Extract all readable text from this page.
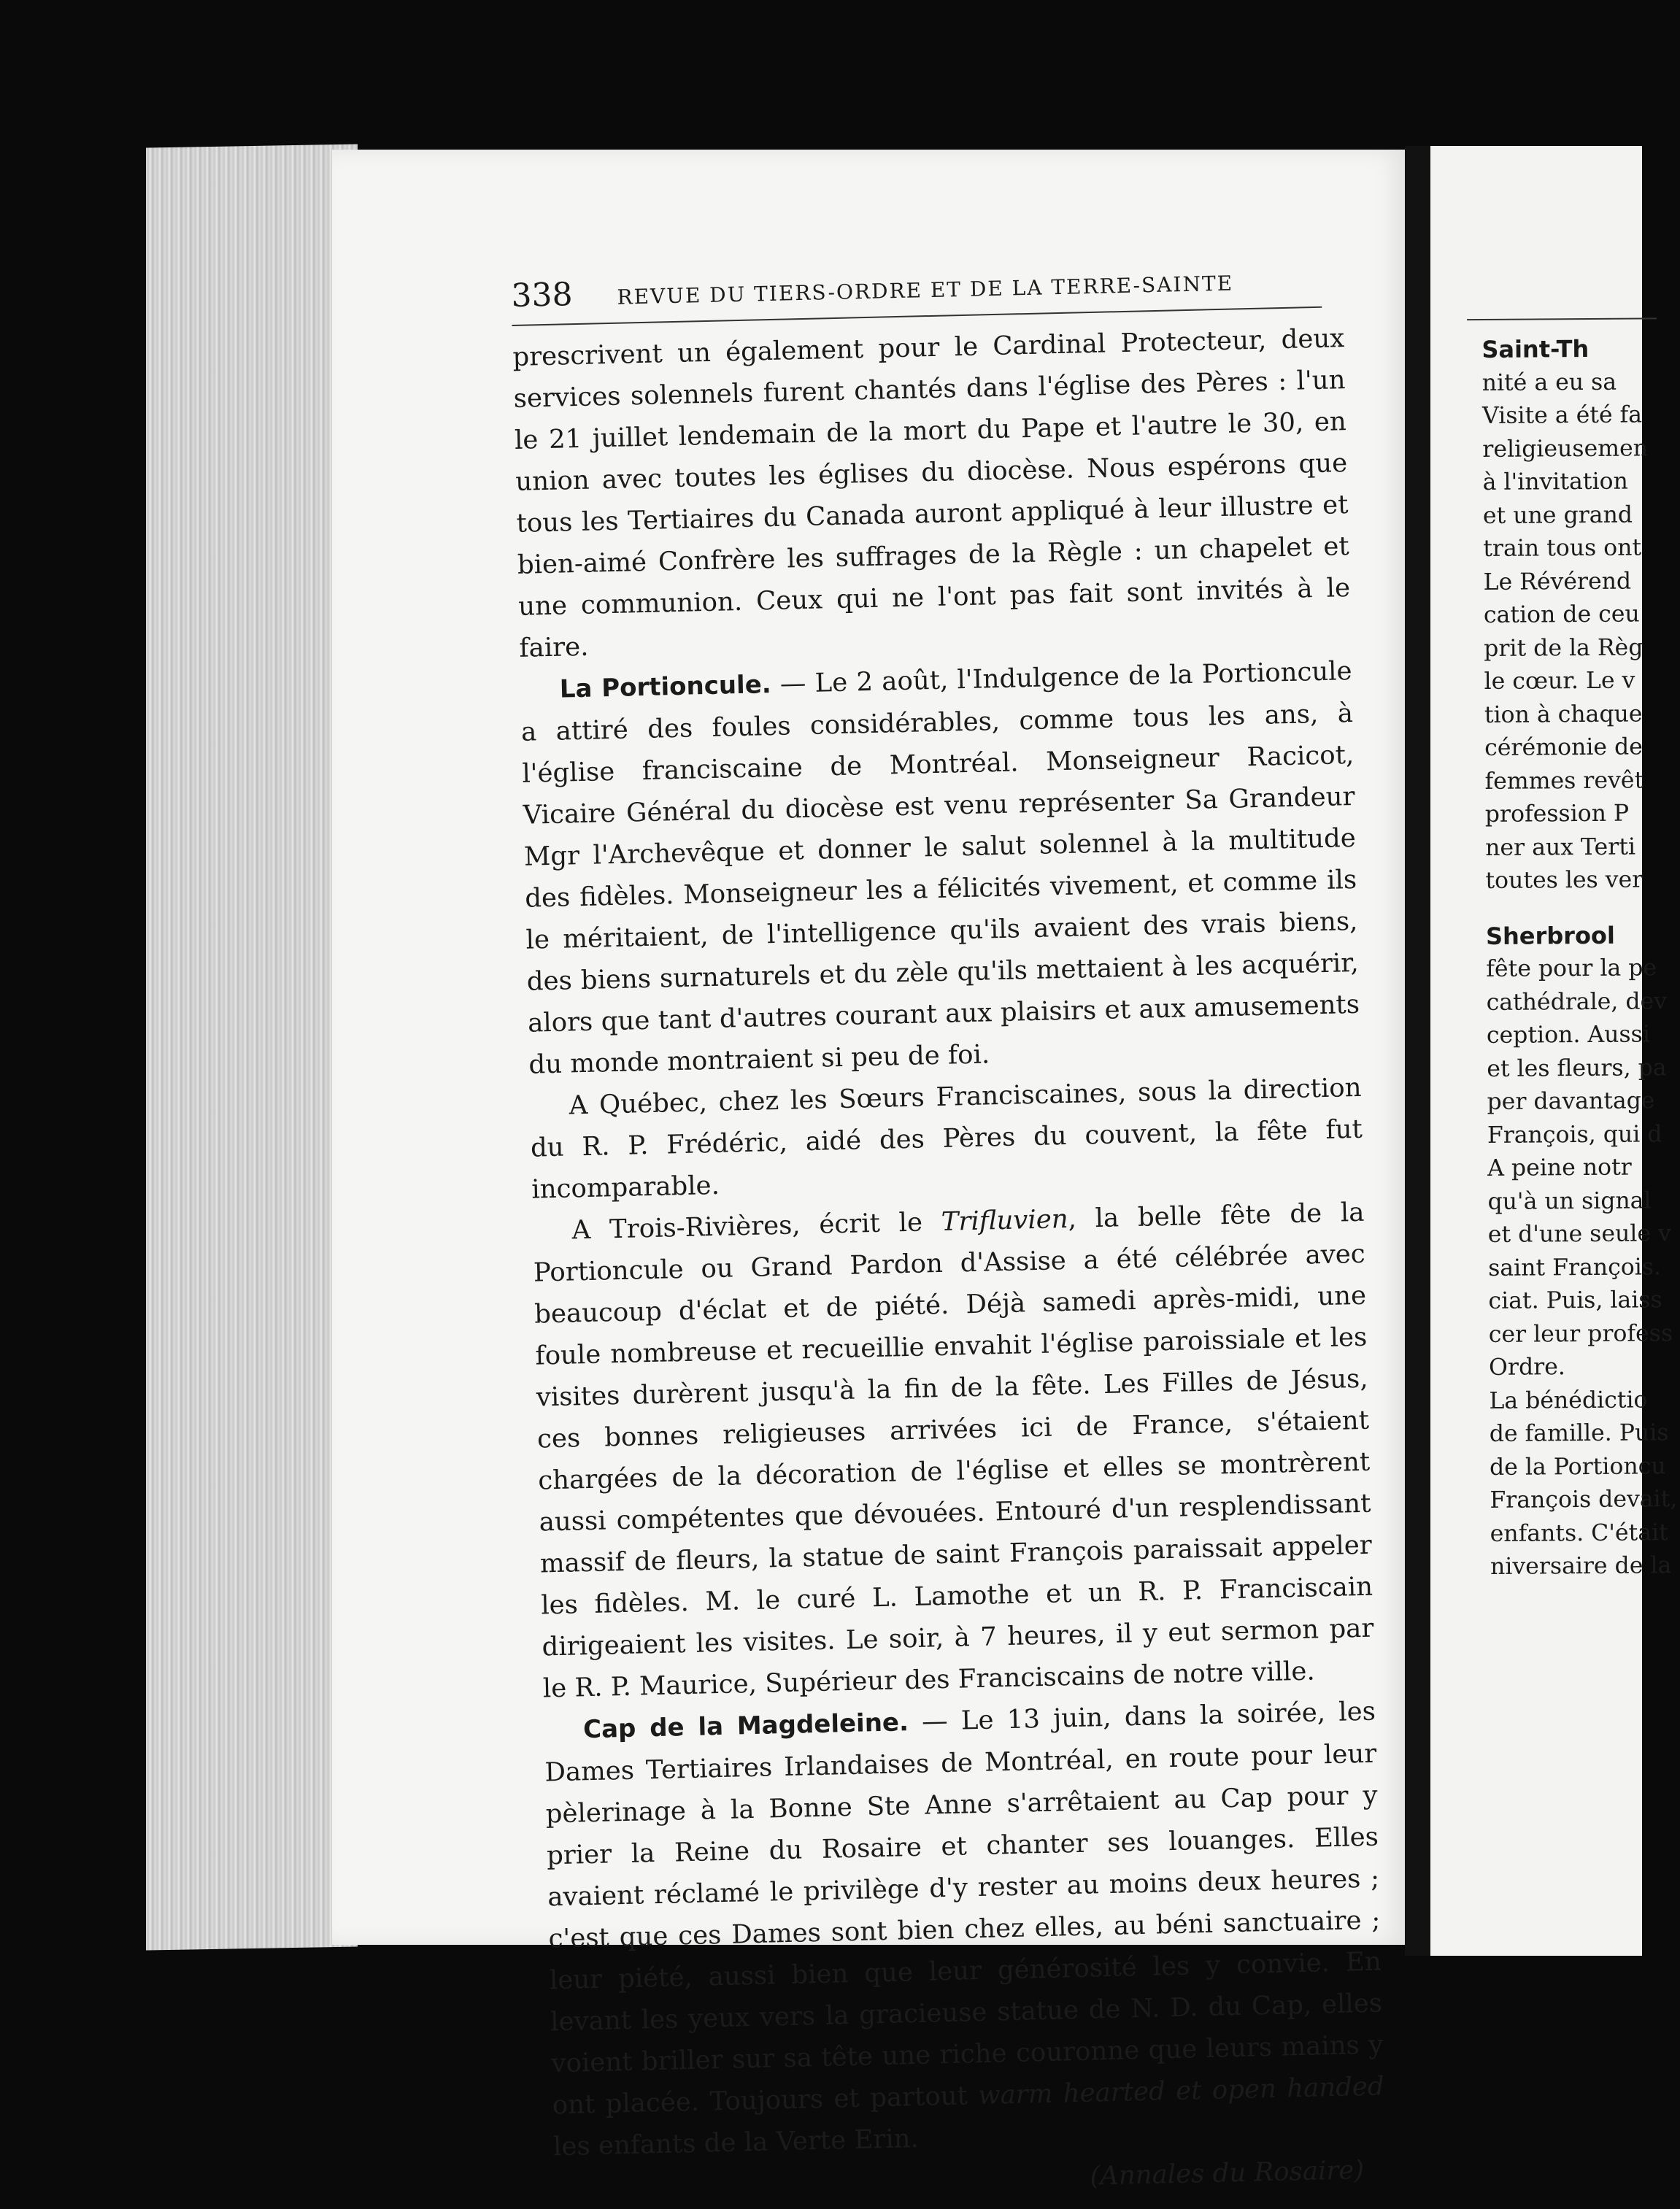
338 REVUE DU TIERS-ORDRE ET DE LA TERRE-SAINTE

prescrivent un également pour le Cardinal Protecteur, deux services solennels furent chantés dans l'église des Pères : l'un le 21 juillet lendemain de la mort du Pape et l'autre le 30, en union avec toutes les églises du diocèse. Nous espérons que tous les Tertiaires du Canada auront appliqué à leur illustre et bien-aimé Confrère les suffrages de la Règle : un chapelet et une communion. Ceux qui ne l'ont pas fait sont invités à le faire.

La Portioncule. — Le 2 août, l'Indulgence de la Portioncule a attiré des foules considérables, comme tous les ans, à l'église franciscaine de Montréal. Monseigneur Racicot, Vicaire Général du diocèse est venu représenter Sa Grandeur Mgr l'Archevêque et donner le salut solennel à la multitude des fidèles. Monseigneur les a félicités vivement, et comme ils le méritaient, de l'intelligence qu'ils avaient des vrais biens, des biens surnaturels et du zèle qu'ils mettaient à les acquérir, alors que tant d'autres courant aux plaisirs et aux amusements du monde montraient si peu de foi.

A Québec, chez les Sœurs Franciscaines, sous la direction du R. P. Frédéric, aidé des Pères du couvent, la fête fut incomparable.

A Trois-Rivières, écrit le Trifluvien, la belle fête de la Portioncule ou Grand Pardon d'Assise a été célébrée avec beaucoup d'éclat et de piété. Déjà samedi après-midi, une foule nombreuse et recueillie envahit l'église paroissiale et les visites durèrent jusqu'à la fin de la fête. Les Filles de Jésus, ces bonnes religieuses arrivées ici de France, s'étaient chargées de la décoration de l'église et elles se montrèrent aussi compétentes que dévouées. Entouré d'un resplendissant massif de fleurs, la statue de saint François paraissait appeler les fidèles. M. le curé L. Lamothe et un R. P. Franciscain dirigeaient les visites. Le soir, à 7 heures, il y eut sermon par le R. P. Maurice, Supérieur des Franciscains de notre ville.

Cap de la Magdeleine. — Le 13 juin, dans la soirée, les Dames Tertiaires Irlandaises de Montréal, en route pour leur pèlerinage à la Bonne Ste Anne s'arrêtaient au Cap pour y prier la Reine du Rosaire et chanter ses louanges. Elles avaient réclamé le privilège d'y rester au moins deux heures ; c'est que ces Dames sont bien chez elles, au béni sanctuaire ; leur piété, aussi bien que leur générosité les y convie. En levant les yeux vers la gracieuse statue de N. D. du Cap, elles voient briller sur sa tête une riche couronne que leurs mains y ont placée. Toujours et partout warm hearted et open handed les enfants de la Verte Erin.

(Annales du Rosaire)

Saint-Th
nité a eu sa
Visite a été fa
religieusemen
à l'invitation
et une grand
train tous ont
Le Révérend
cation de ceu
prit de la Règ
le cœur. Le v
tion à chaque
cérémonie de
femmes revêt
profession P
ner aux Terti
toutes les ver
Sherbrool
fête pour la pe
cathédrale, dev
ception. Aussi
et les fleurs, pa
per davantage
François, qui d
A peine notr
qu'à un signal
et d'une seule v
saint François.
ciat. Puis, laiss
cer leur profess
Ordre.
La bénédictio
de famille. Puis
de la Portioncu
François devait,
enfants. C'était
niversaire de la
